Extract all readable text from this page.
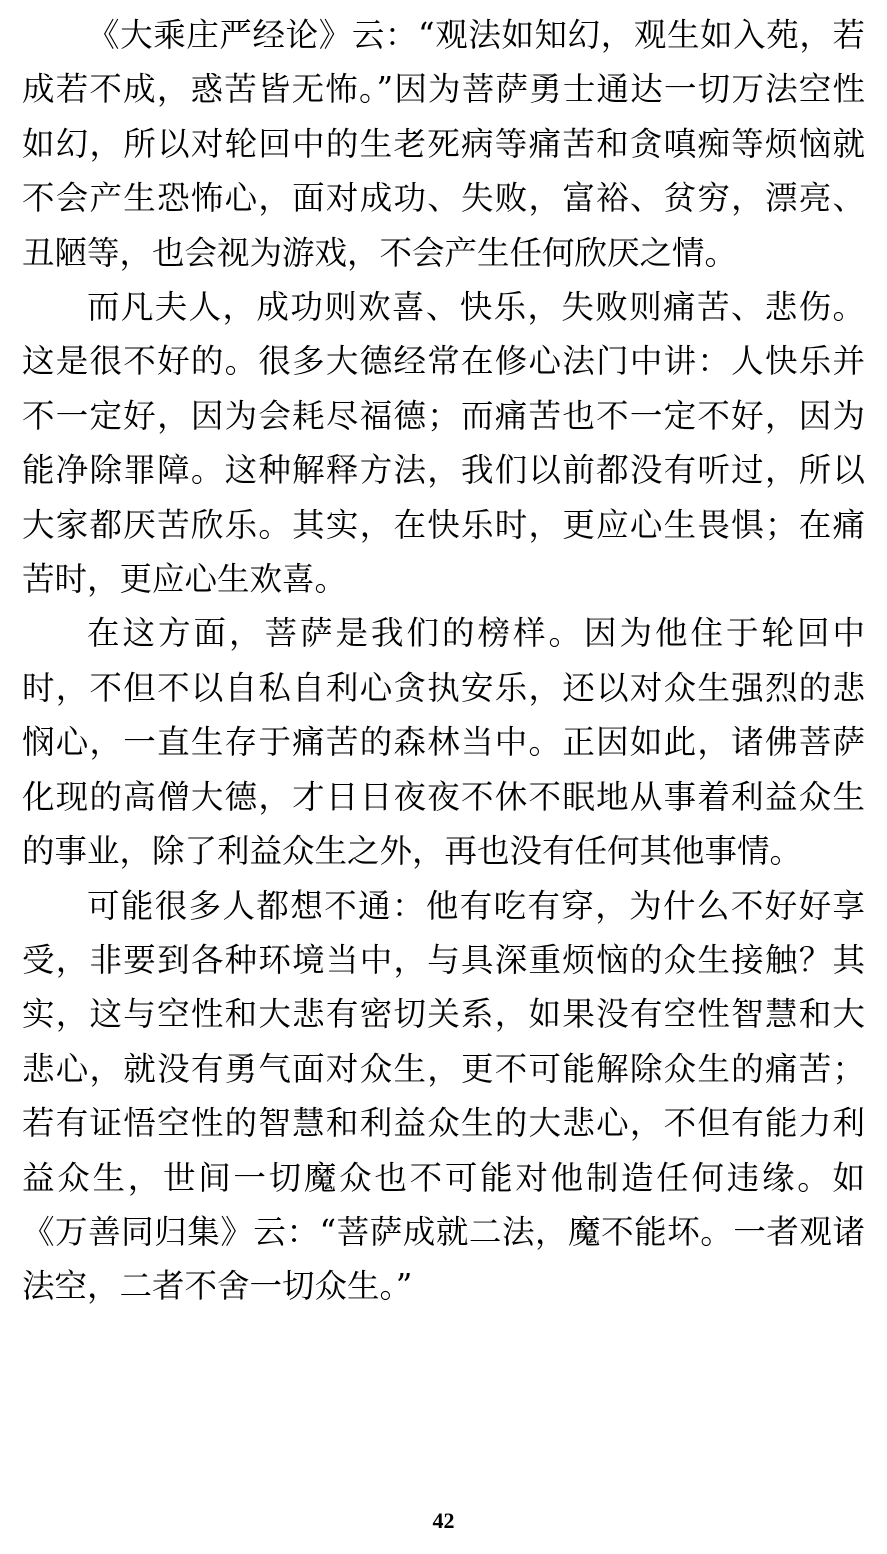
《大乘庄严经论》云：“观法如知幻，观生如入苑，若成若不成，惑苦皆无怖。”因为菩萨勇士通达一切万法空性如幻，所以对轮回中的生老死病等痛苦和贪嗔痴等烦恼就不会产生恐怖心，面对成功、失败，富裕、贫穷，漂亮、丑陋等，也会视为游戏，不会产生任何欣厌之情。

而凡夫人，成功则欢喜、快乐，失败则痛苦、悲伤。这是很不好的。很多大德经常在修心法门中讲：人快乐并不一定好，因为会耗尽福德；而痛苦也不一定不好，因为能净除罪障。这种解释方法，我们以前都没有听过，所以大家都厌苦欣乐。其实，在快乐时，更应心生畏惧；在痛苦时，更应心生欢喜。

在这方面，菩萨是我们的榜样。因为他住于轮回中时，不但不以自私自利心贪执安乐，还以对众生强烈的悲悯心，一直生存于痛苦的森林当中。正因如此，诸佛菩萨化现的高僧大德，才日日夜夜不休不眠地从事着利益众生的事业，除了利益众生之外，再也没有任何其他事情。

可能很多人都想不通：他有吃有穿，为什么不好好享受，非要到各种环境当中，与具深重烦恼的众生接触？其实，这与空性和大悲有密切关系，如果没有空性智慧和大悲心，就没有勇气面对众生，更不可能解除众生的痛苦；若有证悟空性的智慧和利益众生的大悲心，不但有能力利益众生，世间一切魔众也不可能对他制造任何违缘。如《万善同归集》云：“菩萨成就二法，魔不能坏。一者观诸法空，二者不舍一切众生。”

42
